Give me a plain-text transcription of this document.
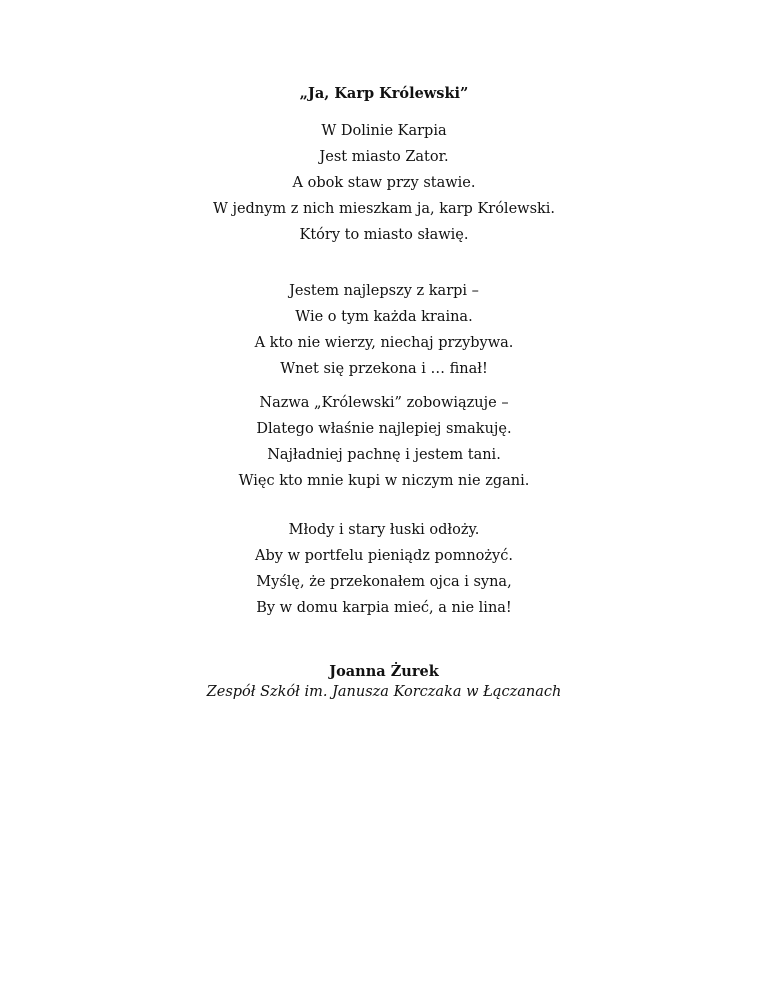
„Ja, Karp Królewski”
W Dolinie Karpia
Jest miasto Zator.
A obok staw przy stawie.
W jednym z nich mieszkam ja, karp Królewski.
Który to miasto sławię.
Jestem najlepszy z karpi –
Wie o tym każda kraina.
A kto nie wierzy, niechaj przybywa.
Wnet się przekona i … finał!
Nazwa „Królewski” zobowiązuje –
Dlatego właśnie najlepiej smakuję.
Najładniej pachnę i jestem tani.
Więc kto mnie kupi w niczym nie zgani.
Młody i stary łuski odłoży.
Aby w portfelu pieniądz pomnożyć.
Myślę, że przekonałem ojca i syna,
By w domu karpia mieć, a nie lina!
Joanna Żurek
Zespół Szkół im. Janusza Korczaka w Łączanach
